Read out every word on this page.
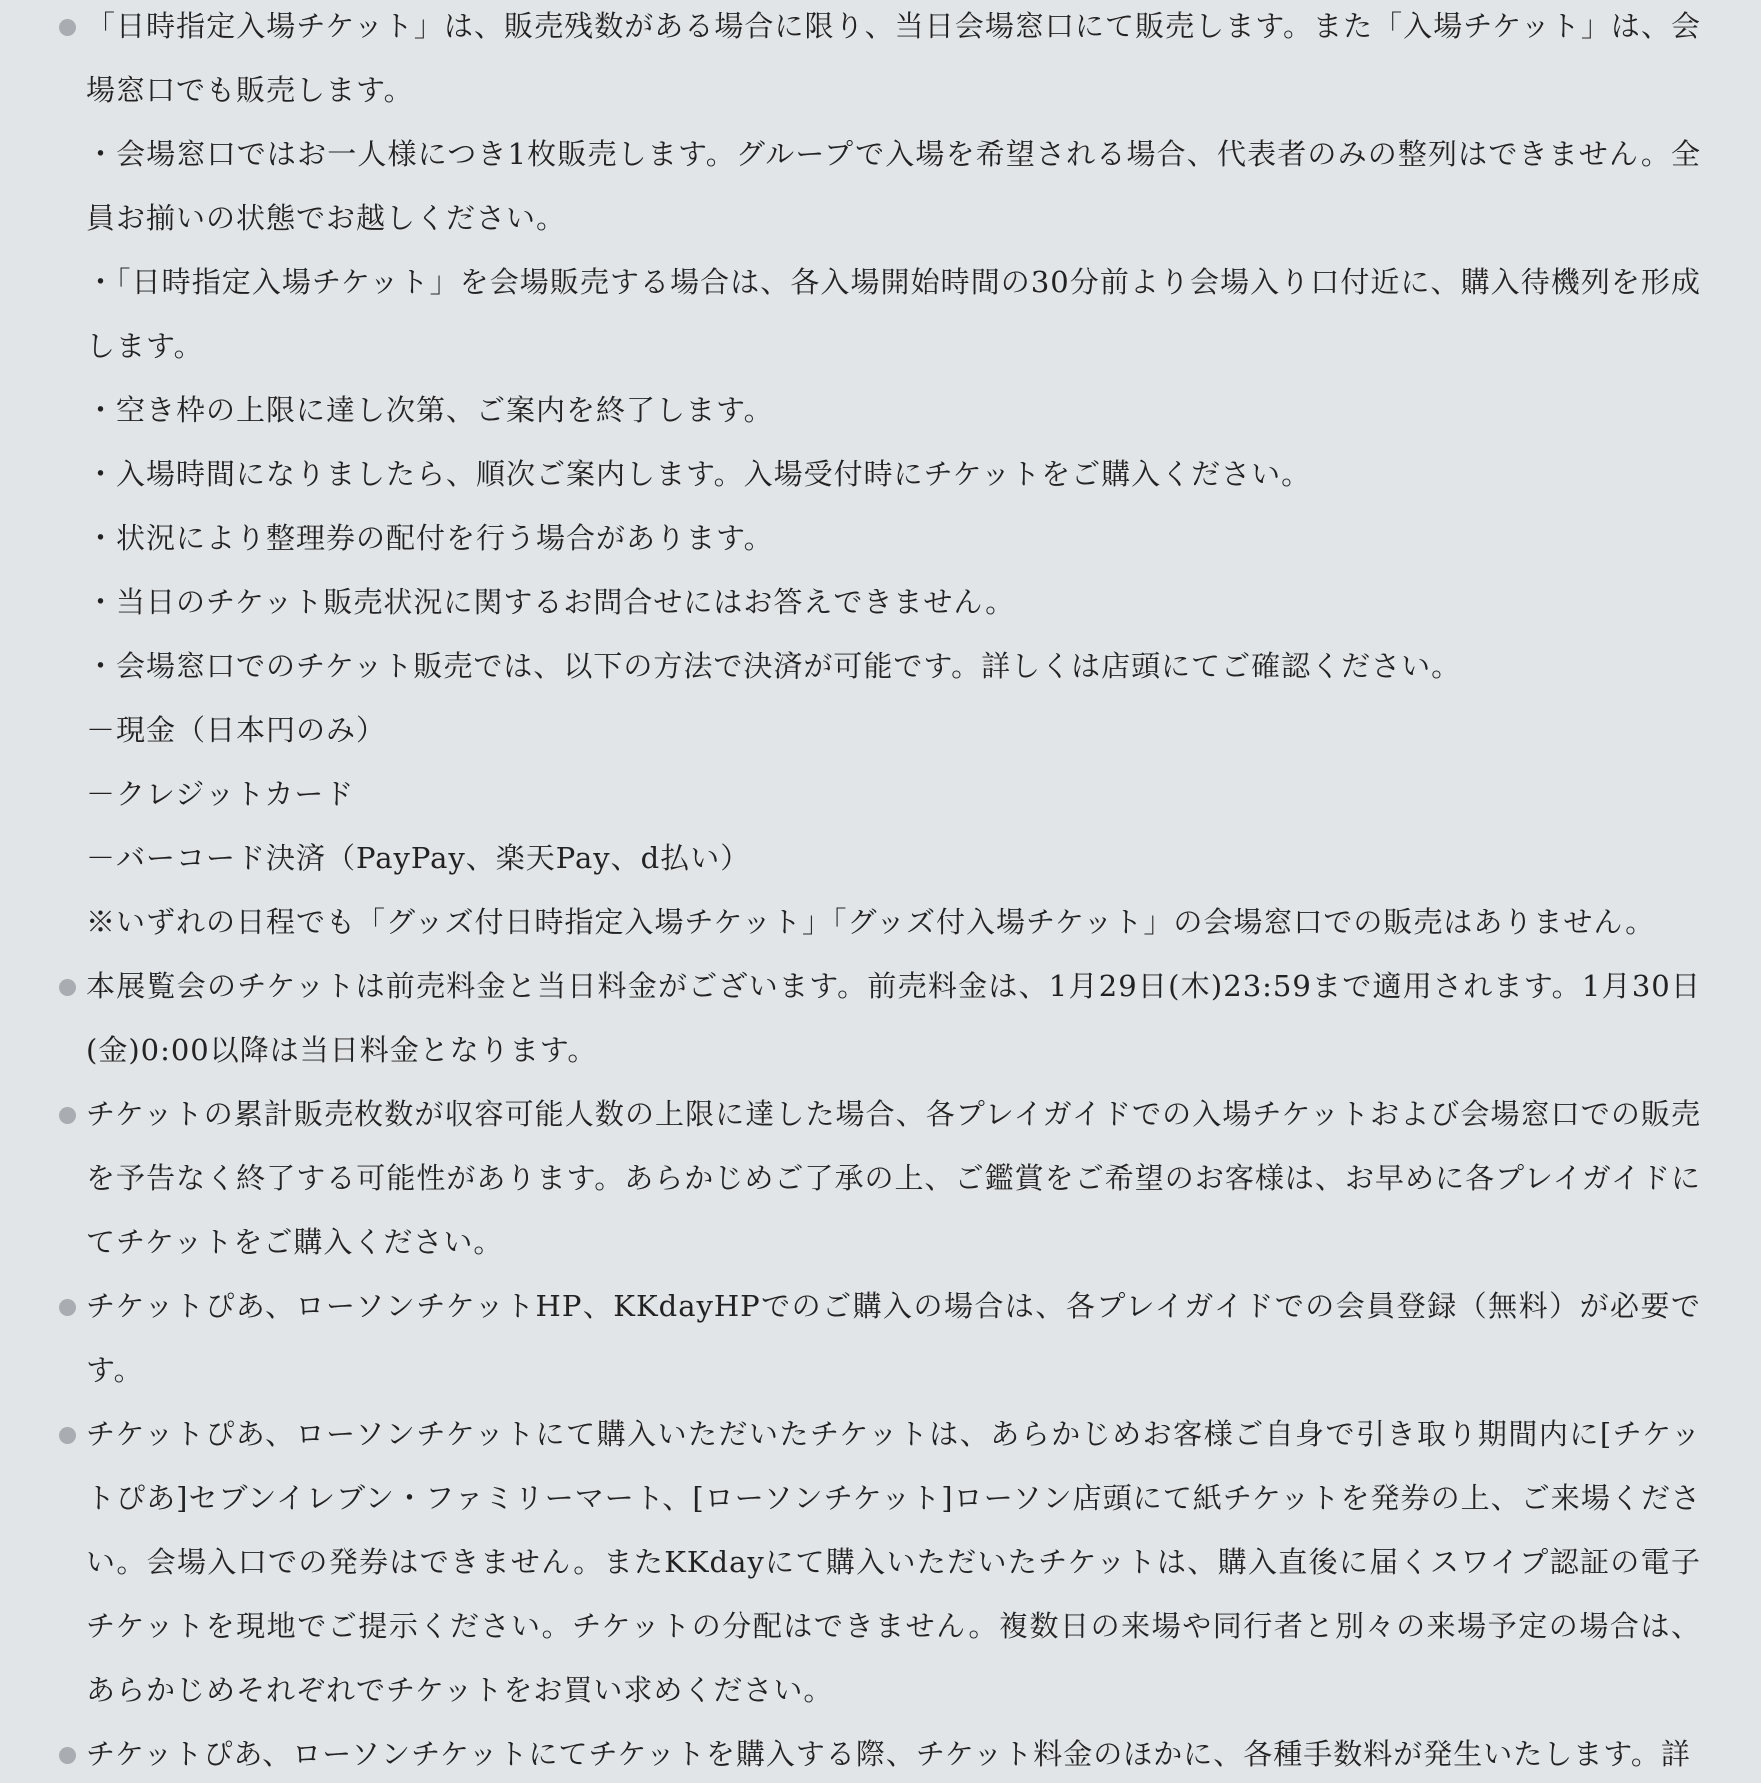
「日時指定入場チケット」は、販売残数がある場合に限り、当日会場窓口にて販売します。また「入場チケット」は、会場窓口でも販売します。
・会場窓口ではお一人様につき1枚販売します。グループで入場を希望される場合、代表者のみの整列はできません。全員お揃いの状態でお越しください。
・「日時指定入場チケット」を会場販売する場合は、各入場開始時間の30分前より会場入り口付近に、購入待機列を形成します。
・空き枠の上限に達し次第、ご案内を終了します。
・入場時間になりましたら、順次ご案内します。入場受付時にチケットをご購入ください。
・状況により整理券の配付を行う場合があります。
・当日のチケット販売状況に関するお問合せにはお答えできません。
・会場窓口でのチケット販売では、以下の方法で決済が可能です。詳しくは店頭にてご確認ください。
－現金（日本円のみ）
－クレジットカード
－バーコード決済（PayPay、楽天Pay、d払い）
※いずれの日程でも「グッズ付日時指定入場チケット」「グッズ付入場チケット」の会場窓口での販売はありません。
本展覧会のチケットは前売料金と当日料金がございます。前売料金は、1月29日(木)23:59まで適用されます。1月30日(金)0:00以降は当日料金となります。
チケットの累計販売枚数が収容可能人数の上限に達した場合、各プレイガイドでの入場チケットおよび会場窓口での販売を予告なく終了する可能性があります。あらかじめご了承の上、ご鑑賞をご希望のお客様は、お早めに各プレイガイドにてチケットをご購入ください。
チケットぴあ、ローソンチケットHP、KKdayHPでのご購入の場合は、各プレイガイドでの会員登録（無料）が必要です。
チケットぴあ、ローソンチケットにて購入いただいたチケットは、あらかじめお客様ご自身で引き取り期間内に[チケットぴあ]セブンイレブン・ファミリーマート、[ローソンチケット]ローソン店頭にて紙チケットを発券の上、ご来場ください。会場入口での発券はできません。またKKdayにて購入いただいたチケットは、購入直後に届くスワイプ認証の電子チケットを現地でご提示ください。チケットの分配はできません。複数日の来場や同行者と別々の来場予定の場合は、あらかじめそれぞれでチケットをお買い求めください。
チケットぴあ、ローソンチケットにてチケットを購入する際、チケット料金のほかに、各種手数料が発生いたします。詳
